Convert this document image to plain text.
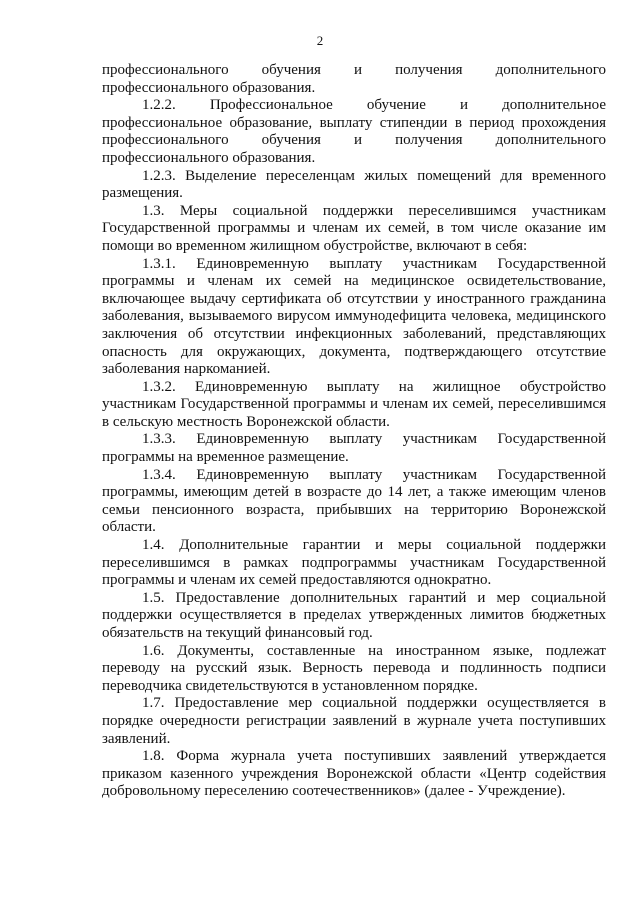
2

профессионального обучения и получения дополнительного профессионального образования.

1.2.2. Профессиональное обучение и дополнительное профессиональное образование, выплату стипендии в период прохождения профессионального обучения и получения дополнительного профессионального образования.

1.2.3. Выделение переселенцам жилых помещений для временного размещения.

1.3. Меры социальной поддержки переселившимся участникам Государственной программы и членам их семей, в том числе оказание им помощи во временном жилищном обустройстве, включают в себя:

1.3.1. Единовременную выплату участникам Государственной программы и членам их семей на медицинское освидетельствование, включающее выдачу сертификата об отсутствии у иностранного гражданина заболевания, вызываемого вирусом иммунодефицита человека, медицинского заключения об отсутствии инфекционных заболеваний, представляющих опасность для окружающих, документа, подтверждающего отсутствие заболевания наркоманией.

1.3.2. Единовременную выплату на жилищное обустройство участникам Государственной программы и членам их семей, переселившимся в сельскую местность Воронежской области.

1.3.3. Единовременную выплату участникам Государственной программы на временное размещение.

1.3.4. Единовременную выплату участникам Государственной программы, имеющим детей в возрасте до 14 лет, а также имеющим членов семьи пенсионного возраста, прибывших на территорию Воронежской области.

1.4. Дополнительные гарантии и меры социальной поддержки переселившимся в рамках подпрограммы участникам Государственной программы и членам их семей предоставляются однократно.

1.5. Предоставление дополнительных гарантий и мер социальной поддержки осуществляется в пределах утвержденных лимитов бюджетных обязательств на текущий финансовый год.

1.6. Документы, составленные на иностранном языке, подлежат переводу на русский язык. Верность перевода и подлинность подписи переводчика свидетельствуются в установленном порядке.

1.7. Предоставление мер социальной поддержки осуществляется в порядке очередности регистрации заявлений в журнале учета поступивших заявлений.

1.8. Форма журнала учета поступивших заявлений утверждается приказом казенного учреждения Воронежской области «Центр содействия добровольному переселению соотечественников» (далее - Учреждение).
